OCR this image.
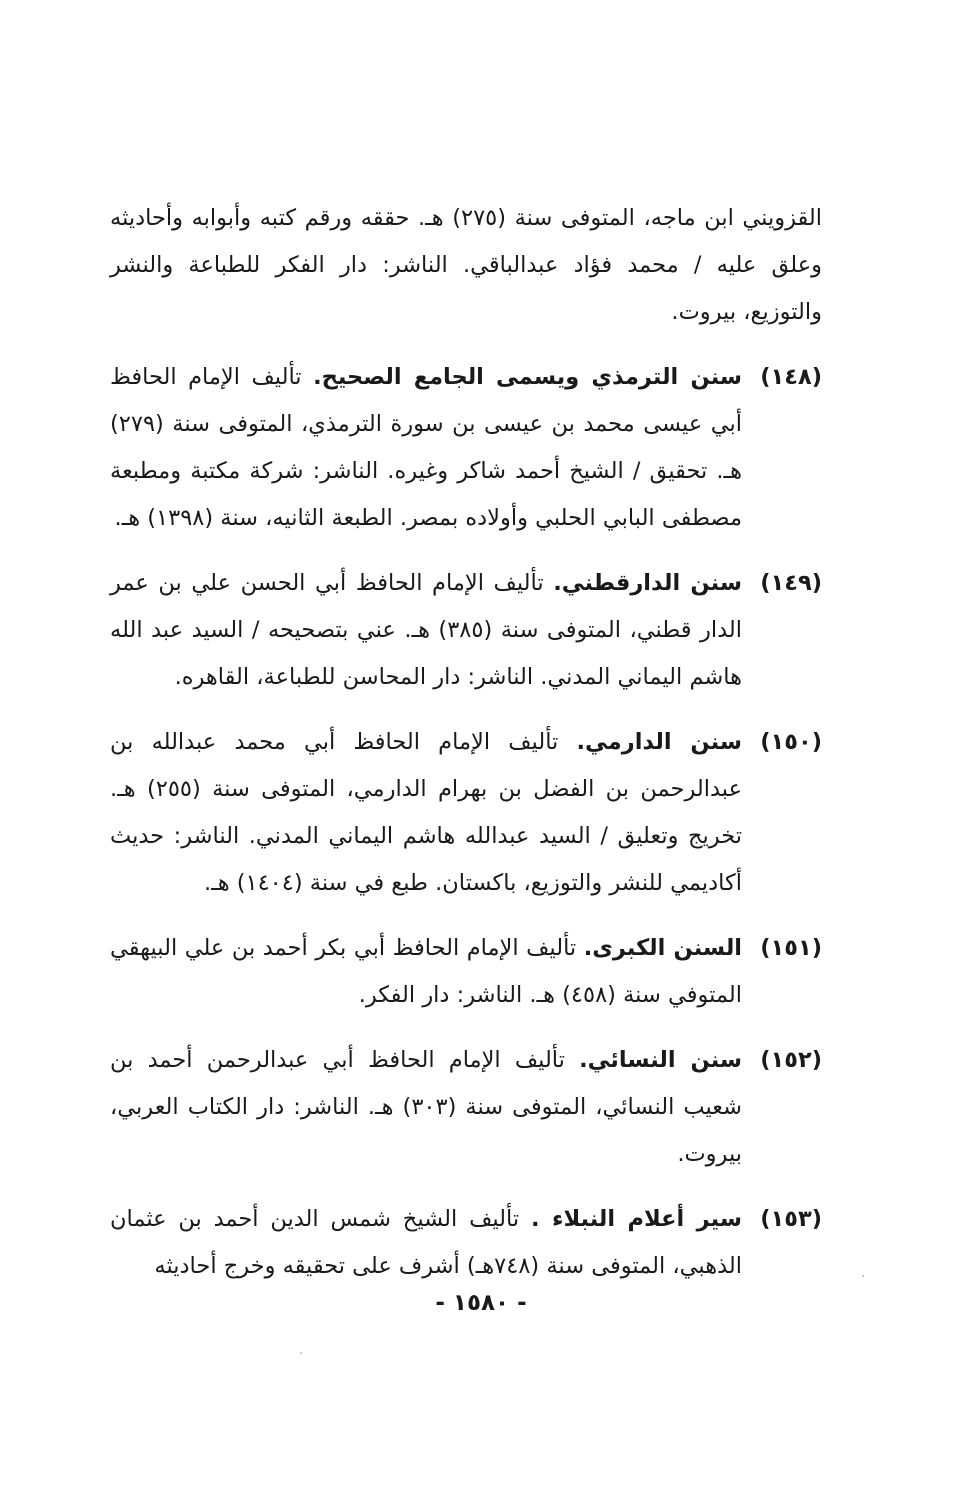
القزويني ابن ماجه، المتوفى سنة (٢٧٥) هـ. حققه ورقم كتبه وأبوابه وأحاديثه وعلق عليه / محمد فؤاد عبدالباقي. الناشر: دار الفكر للطباعة والنشر والتوزيع، بيروت.

(١٤٨)

سنن الترمذي ويسمى الجامع الصحيح. تأليف الإمام الحافظ أبي عيسى محمد بن عيسى بن سورة الترمذي، المتوفى سنة (٢٧٩) هـ. تحقيق / الشيخ أحمد شاكر وغيره. الناشر: شركة مكتبة ومطبعة مصطفى البابي الحلبي وأولاده بمصر. الطبعة الثانيه، سنة (١٣٩٨) هـ.

(١٤٩)

سنن الدارقطني. تأليف الإمام الحافظ أبي الحسن علي بن عمر الدار قطني، المتوفى سنة (٣٨٥) هـ. عني بتصحيحه / السيد عبد الله هاشم اليماني المدني. الناشر: دار المحاسن للطباعة، القاهره.

(١٥٠)

سنن الدارمي. تأليف الإمام الحافظ أبي محمد عبدالله بن عبدالرحمن بن الفضل بن بهرام الدارمي، المتوفى سنة (٢٥٥) هـ. تخريج وتعليق / السيد عبدالله هاشم اليماني المدني. الناشر: حديث أكاديمي للنشر والتوزيع، باكستان. طبع في سنة (١٤٠٤) هـ.

(١٥١)

السنن الكبرى. تأليف الإمام الحافظ أبي بكر أحمد بن علي البيهقي المتوفي سنة (٤٥٨) هـ. الناشر: دار الفكر.

(١٥٢)

سنن النسائي. تأليف الإمام الحافظ أبي عبدالرحمن أحمد بن شعيب النسائي، المتوفى سنة (٣٠٣) هـ. الناشر: دار الكتاب العربي، بيروت.

(١٥٣)

سير أعلام النبلاء . تأليف الشيخ شمس الدين أحمد بن عثمان الذهبي، المتوفى سنة (٧٤٨هـ) أشرف على تحقيقه وخرج أحاديثه

- ١٥٨٠ -
